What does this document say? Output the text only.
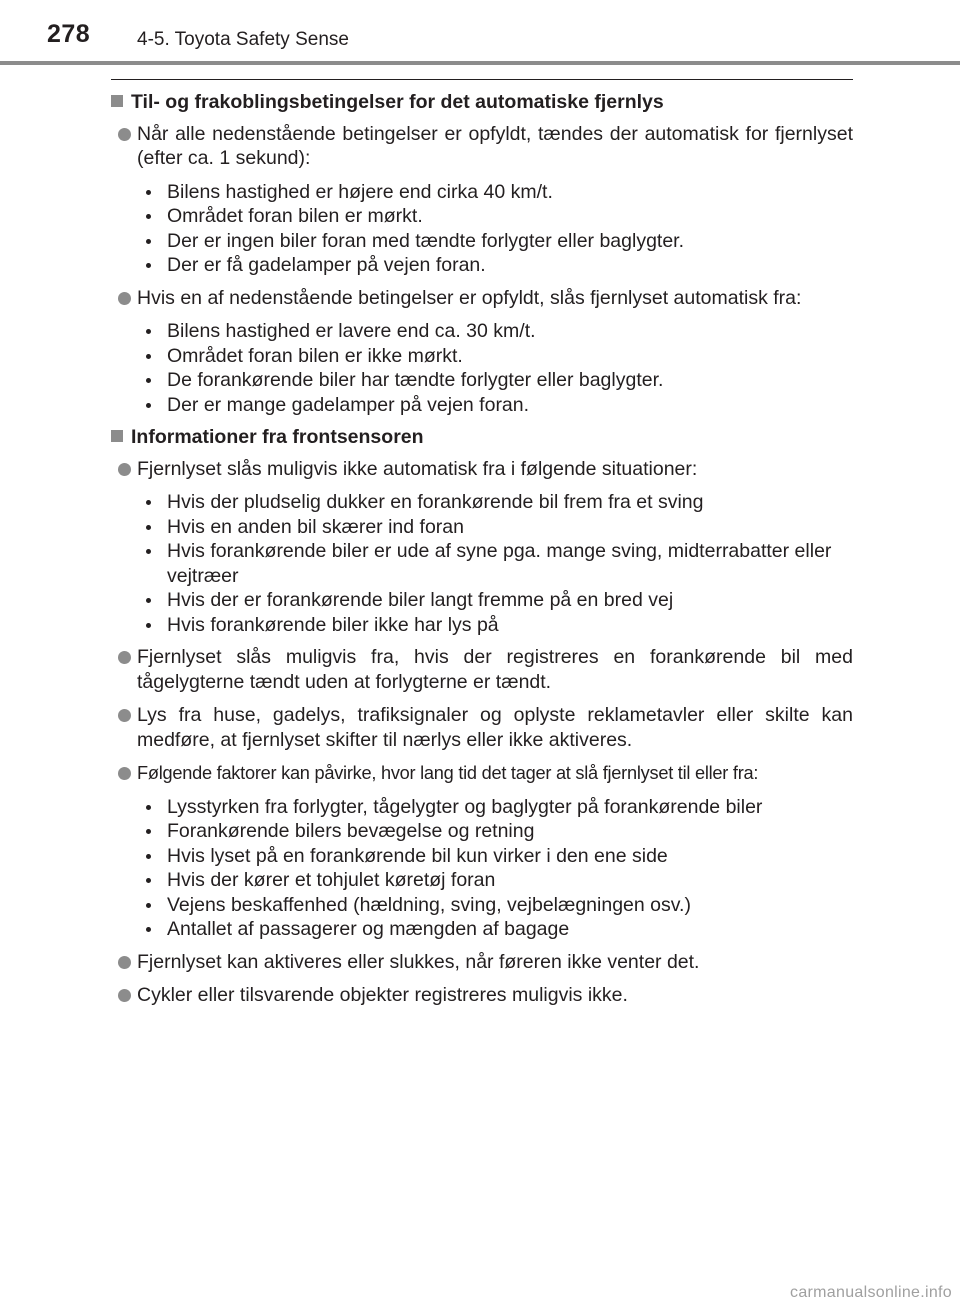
278 4-5. Toyota Safety Sense
Til- og frakoblingsbetingelser for det automatiske fjernlys
Når alle nedenstående betingelser er opfyldt, tændes der automatisk for fjernlyset (efter ca. 1 sekund):
Bilens hastighed er højere end cirka 40 km/t.
Området foran bilen er mørkt.
Der er ingen biler foran med tændte forlygter eller baglygter.
Der er få gadelamper på vejen foran.
Hvis en af nedenstående betingelser er opfyldt, slås fjernlyset automatisk fra:
Bilens hastighed er lavere end ca. 30 km/t.
Området foran bilen er ikke mørkt.
De forankørende biler har tændte forlygter eller baglygter.
Der er mange gadelamper på vejen foran.
Informationer fra frontsensoren
Fjernlyset slås muligvis ikke automatisk fra i følgende situationer:
Hvis der pludselig dukker en forankørende bil frem fra et sving
Hvis en anden bil skærer ind foran
Hvis forankørende biler er ude af syne pga. mange sving, midterrabatter eller vejtræer
Hvis der er forankørende biler langt fremme på en bred vej
Hvis forankørende biler ikke har lys på
Fjernlyset slås muligvis fra, hvis der registreres en forankørende bil med tågelygterne tændt uden at forlygterne er tændt.
Lys fra huse, gadelys, trafiksignaler og oplyste reklametavler eller skilte kan medføre, at fjernlyset skifter til nærlys eller ikke aktiveres.
Følgende faktorer kan påvirke, hvor lang tid det tager at slå fjernlyset til eller fra:
Lysstyrken fra forlygter, tågelygter og baglygter på forankørende biler
Forankørende bilers bevægelse og retning
Hvis lyset på en forankørende bil kun virker i den ene side
Hvis der kører et tohjulet køretøj foran
Vejens beskaffenhed (hældning, sving, vejbelægningen osv.)
Antallet af passagerer og mængden af bagage
Fjernlyset kan aktiveres eller slukkes, når føreren ikke venter det.
Cykler eller tilsvarende objekter registreres muligvis ikke.
carmanualsonline.info
